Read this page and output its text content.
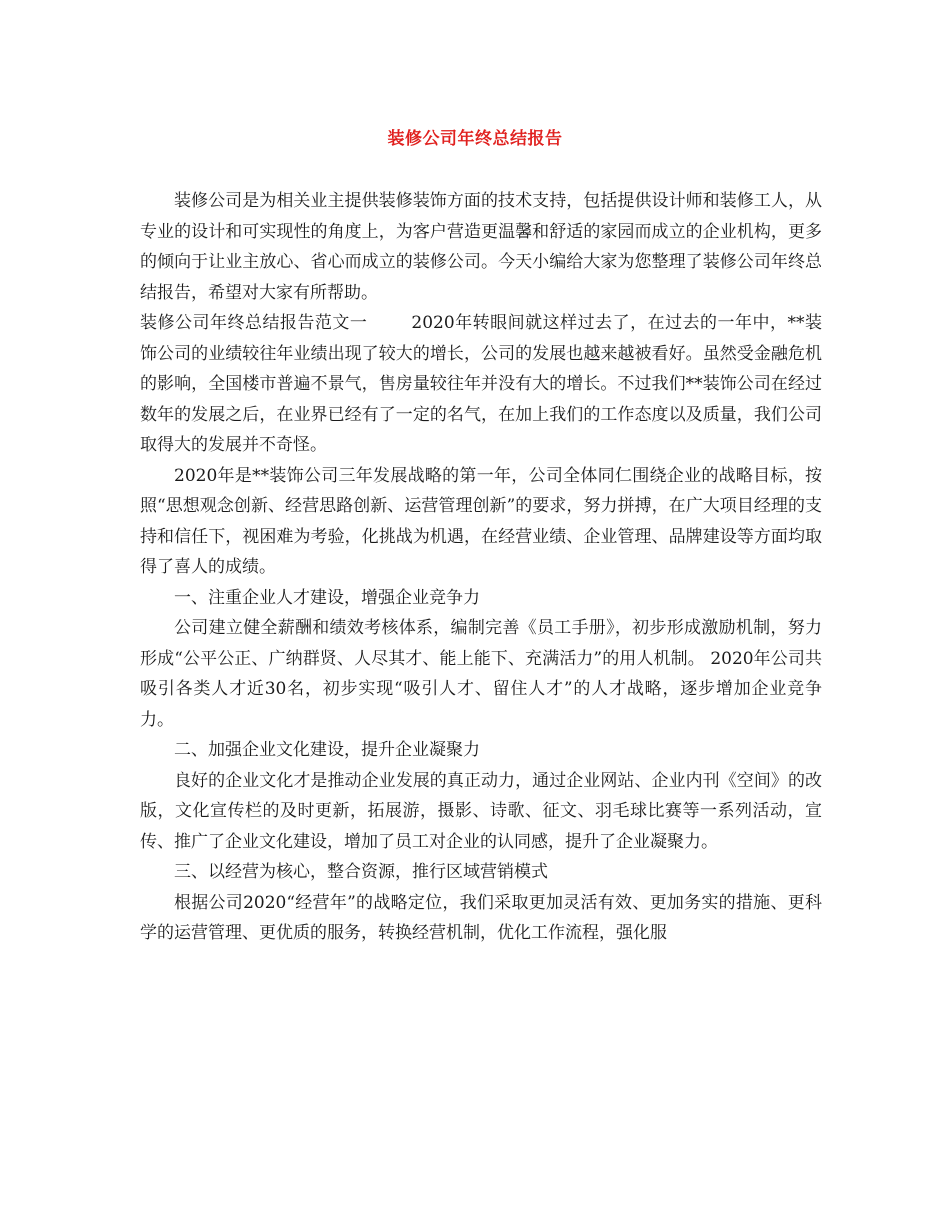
装修公司年终总结报告

装修公司是为相关业主提供装修装饰方面的技术支持，包括提供设计师和装修工人，从专业的设计和可实现性的角度上，为客户营造更温馨和舒适的家园而成立的企业机构，更多的倾向于让业主放心、省心而成立的装修公司。今天小编给大家为您整理了装修公司年终总结报告，希望对大家有所帮助。

装修公司年终总结报告范文一	2020年转眼间就这样过去了，在过去的一年中，**装饰公司的业绩较往年业绩出现了较大的增长，公司的发展也越来越被看好。虽然受金融危机的影响，全国楼市普遍不景气，售房量较往年并没有大的增长。不过我们**装饰公司在经过数年的发展之后，在业界已经有了一定的名气，在加上我们的工作态度以及质量，我们公司取得大的发展并不奇怪。

2020年是**装饰公司三年发展战略的第一年，公司全体同仁围绕企业的战略目标，按照“思想观念创新、经营思路创新、运营管理创新”的要求，努力拼搏，在广大项目经理的支持和信任下，视困难为考验，化挑战为机遇，在经营业绩、企业管理、品牌建设等方面均取得了喜人的成绩。

一、注重企业人才建设，增强企业竞争力

公司建立健全薪酬和绩效考核体系，编制完善《员工手册》，初步形成激励机制，努力形成“公平公正、广纳群贤、人尽其才、能上能下、充满活力”的用人机制。 2020年公司共吸引各类人才近30名，初步实现“吸引人才、留住人才”的人才战略，逐步增加企业竞争力。

二、加强企业文化建设，提升企业凝聚力

良好的企业文化才是推动企业发展的真正动力，通过企业网站、企业内刊《空间》的改版，文化宣传栏的及时更新，拓展游，摄影、诗歌、征文、羽毛球比赛等一系列活动，宣传、推广了企业文化建设，增加了员工对企业的认同感，提升了企业凝聚力。

三、以经营为核心，整合资源，推行区域营销模式

根据公司2020“经营年”的战略定位，我们采取更加灵活有效、更加务实的措施、更科学的运营管理、更优质的服务，转换经营机制，优化工作流程，强化服
